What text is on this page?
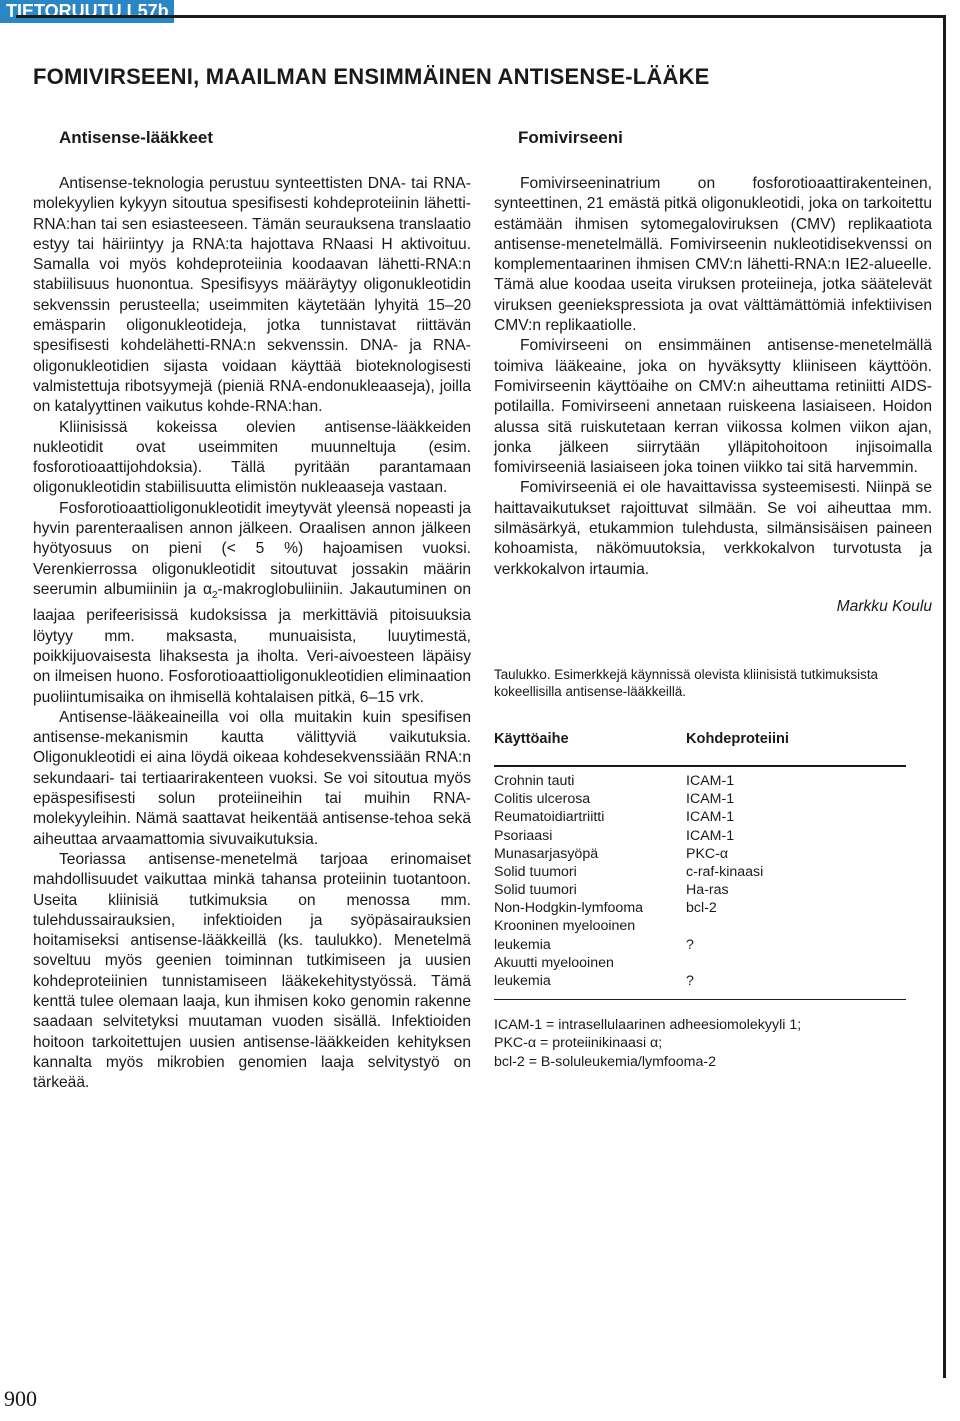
TIETORUUTU L57b
FOMIVIRSEENI, MAAILMAN ENSIMMÄINEN ANTISENSE-LÄÄKE
Antisense-lääkkeet

Antisense-teknologia perustuu synteettisten DNA- tai RNA-molekyylien kykyyn sitoutua spesifisesti kohdeproteiinin lähetti-RNA:han tai sen esiasteeseen. Tämän seurauksena translaatio estyy tai häiriintyy ja RNA:ta hajottava RNaasi H aktivoituu. Samalla voi myös kohdeproteiinia koodaavan lähetti-RNA:n stabiilisuus huonontua. Spesifisyys määräytyy oligonukleotidin sekvenssin perusteella; useimmiten käytetään lyhyitä 15–20 emäsparin oligonukleotideja, jotka tunnistavat riittävän spesifisesti kohdelähetti-RNA:n sekvenssin. DNA- ja RNA-oligonukleotidien sijasta voidaan käyttää bioteknologisesti valmistettuja ribotsyymejä (pieniä RNA-endonukleaaseja), joilla on katalyyttinen vaikutus kohde-RNA:han.

Kliinisissä kokeissa olevien antisense-lääkkeiden nukleotidit ovat useimmiten muunneltuja (esim. fosforotioaattijohdoksia). Tällä pyritään parantamaan oligonukleotidin stabiilisuutta elimistön nukleaaseja vastaan.

Fosforotioaattioligonukleotidit imeytyvät yleensä nopeasti ja hyvin parenteraalisen annon jälkeen. Oraalisen annon jälkeen hyötyosuus on pieni (< 5 %) hajoamisen vuoksi. Verenkierrossa oligonukleotidit sitoutuvat jossakin määrin seerumin albumiiniin ja $\alpha_2$-makroglobuliiniin. Jakautuminen on laajaa perifeerisissä kudoksissa ja merkittäviä pitoisuuksia löytyy mm. maksasta, munuaisista, luuytimestä, poikkijuovaisesta lihaksesta ja iholta. Veri-aivoesteen läpäisy on ilmeisen huono. Fosforotioaattioligonukleotidien eliminaation puoliintumisaika on ihmisellä kohtalaisen pitkä, 6–15 vrk.

Antisense-lääkeaineilla voi olla muitakin kuin spesifisen antisense-mekanismin kautta välittyviä vaikutuksia. Oligonukleotidi ei aina löydä oikeaa kohdesekvenssiään RNA:n sekundaari- tai tertiaarirakenteen vuoksi. Se voi sitoutua myös epäspesifisesti solun proteiineihin tai muihin RNA-molekyyleihin. Nämä saattavat heikentää antisense-tehoa sekä aiheuttaa arvaamattomia sivuvaikutuksia.

Teoriassa antisense-menetelmä tarjoaa erinomaiset mahdollisuudet vaikuttaa minkä tahansa proteiinin tuotantoon. Useita kliinisiä tutkimuksia on menossa mm. tulehdussairauksien, infektioiden ja syöpäsairauksien hoitamiseksi antisense-lääkkeillä (ks. taulukko). Menetelmä soveltuu myös geenien toiminnan tutkimiseen ja uusien kohdeproteiinien tunnistamiseen lääkekehitystyössä. Tämä kenttä tulee olemaan laaja, kun ihmisen koko genomin rakenne saadaan selvitetyksi muutaman vuoden sisällä. Infektioiden hoitoon tarkoitettujen uusien antisense-lääkkeiden kehityksen kannalta myös mikrobien genomien laaja selvitystyö on tärkeää.

Fomivirseeni

Fomivirseeninatrium on fosforotioaattirakenteinen, synteettinen, 21 emästä pitkä oligonukleotidi, joka on tarkoitettu estämään ihmisen sytomegaloviruksen (CMV) replikaatiota antisense-menetelmällä. Fomivirseenin nukleotidisekvenssi on komplementaarinen ihmisen CMV:n lähetti-RNA:n IE2-alueelle. Tämä alue koodaa useita viruksen proteiineja, jotka säätelevät viruksen geeniekspressiota ja ovat välttämättömiä infektiivisen CMV:n replikaatiolle.

Fomivirseeni on ensimmäinen antisense-menetelmällä toimiva lääkeaine, joka on hyväksytty kliiniseen käyttöön. Fomivirseenin käyttöaihe on CMV:n aiheuttama retiniitti AIDS-potilailla. Fomivirseeni annetaan ruiskeena lasiaiseen. Hoidon alussa sitä ruiskutetaan kerran viikossa kolmen viikon ajan, jonka jälkeen siirrytään ylläpitohoitoon injisoimalla fomivirseeniä lasiaiseen joka toinen viikko tai sitä harvemmin.

Fomivirseeniä ei ole havaittavissa systeemisesti. Niinpä se haittavaikutukset rajoittuvat silmään. Se voi aiheuttaa mm. silmäsärkyä, etukammion tulehdusta, silmänsisäisen paineen kohoamista, näkömuutoksia, verkkokalvon turvotusta ja verkkokalvon irtaumia.

Markku Koulu

Taulukko. Esimerkkejä käynnissä olevista kliinisistä tutkimuksista kokeellisilla antisense-lääkkeillä.

Käyttöaihe	Kohdeproteiini
Crohnin tauti	ICAM-1
Colitis ulcerosa	ICAM-1
Reumatoidiartriitti	ICAM-1
Psoriaasi	ICAM-1
Munasarjasyöpä	PKC-α
Solid tuumori	c-raf-kinaasi
Solid tuumori	Ha-ras
Non-Hodgkin-lymfooma	bcl-2
Krooninen myelooinen
leukemia	?
Akuutti myelooinen
leukemia	?
ICAM-1 = intrasellulaarinen adheesiomolekyyli 1;
PKC-α = proteiinikinaasi α;
bcl-2 = B-soluleukemia/lymfooma-2
900
